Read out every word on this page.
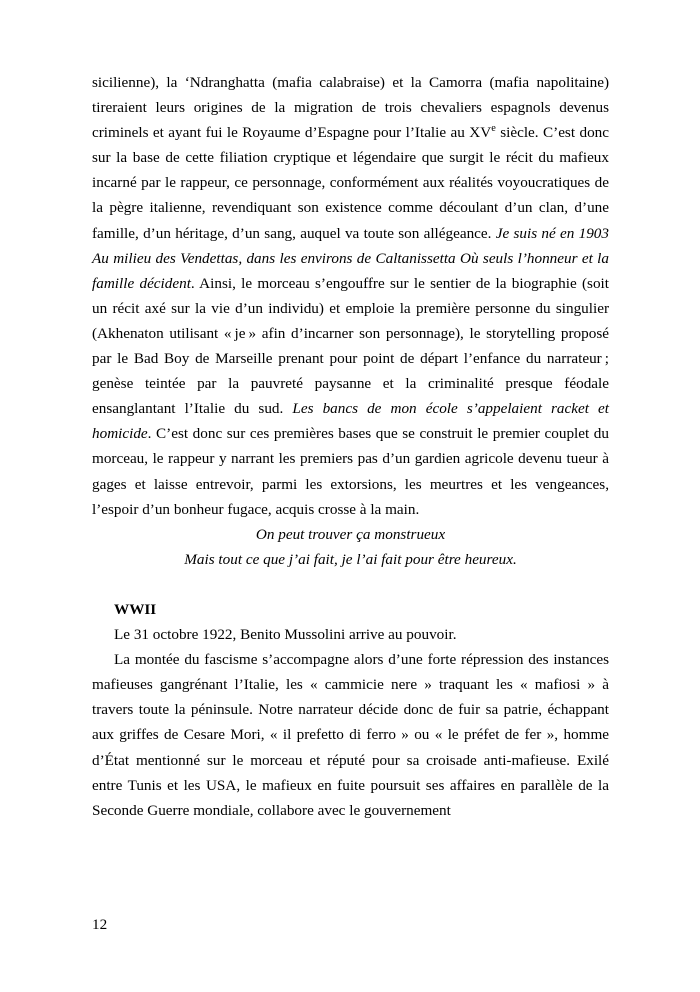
sicilienne), la ‘Ndranghatta (mafia calabraise) et la Camorra (mafia napolitaine) tireraient leurs origines de la migration de trois chevaliers espagnols devenus criminels et ayant fui le Royaume d’Espagne pour l’Italie au XVe siècle. C’est donc sur la base de cette filiation cryptique et légendaire que surgit le récit du mafieux incarné par le rappeur, ce personnage, conformément aux réalités voyoucratiques de la pègre italienne, revendiquant son existence comme découlant d’un clan, d’une famille, d’un héritage, d’un sang, auquel va toute son allégeance. Je suis né en 1903 Au milieu des Vendettas, dans les environs de Caltanissetta Où seuls l’honneur et la famille décident. Ainsi, le morceau s’engouffre sur le sentier de la biographie (soit un récit axé sur la vie d’un individu) et emploie la première personne du singulier (Akhenaton utilisant « je » afin d’incarner son personnage), le storytelling proposé par le Bad Boy de Marseille prenant pour point de départ l’enfance du narrateur ; genèse teintée par la pauvreté paysanne et la criminalité presque féodale ensanglantant l’Italie du sud. Les bancs de mon école s’appelaient racket et homicide. C’est donc sur ces premières bases que se construit le premier couplet du morceau, le rappeur y narrant les premiers pas d’un gardien agricole devenu tueur à gages et laisse entrevoir, parmi les extorsions, les meurtres et les vengeances, l’espoir d’un bonheur fugace, acquis crosse à la main.

On peut trouver ça monstrueux

Mais tout ce que j’ai fait, je l’ai fait pour être heureux.

WWII

Le 31 octobre 1922, Benito Mussolini arrive au pouvoir.

La montée du fascisme s’accompagne alors d’une forte répression des instances mafieuses gangrénant l’Italie, les « cammicie nere » traquant les « mafiosi » à travers toute la péninsule. Notre narrateur décide donc de fuir sa patrie, échappant aux griffes de Cesare Mori, « il prefetto di ferro » ou « le préfet de fer », homme d’État mentionné sur le morceau et réputé pour sa croisade anti-mafieuse. Exilé entre Tunis et les USA, le mafieux en fuite poursuit ses affaires en parallèle de la Seconde Guerre mondiale, collabore avec le gouvernement

12
